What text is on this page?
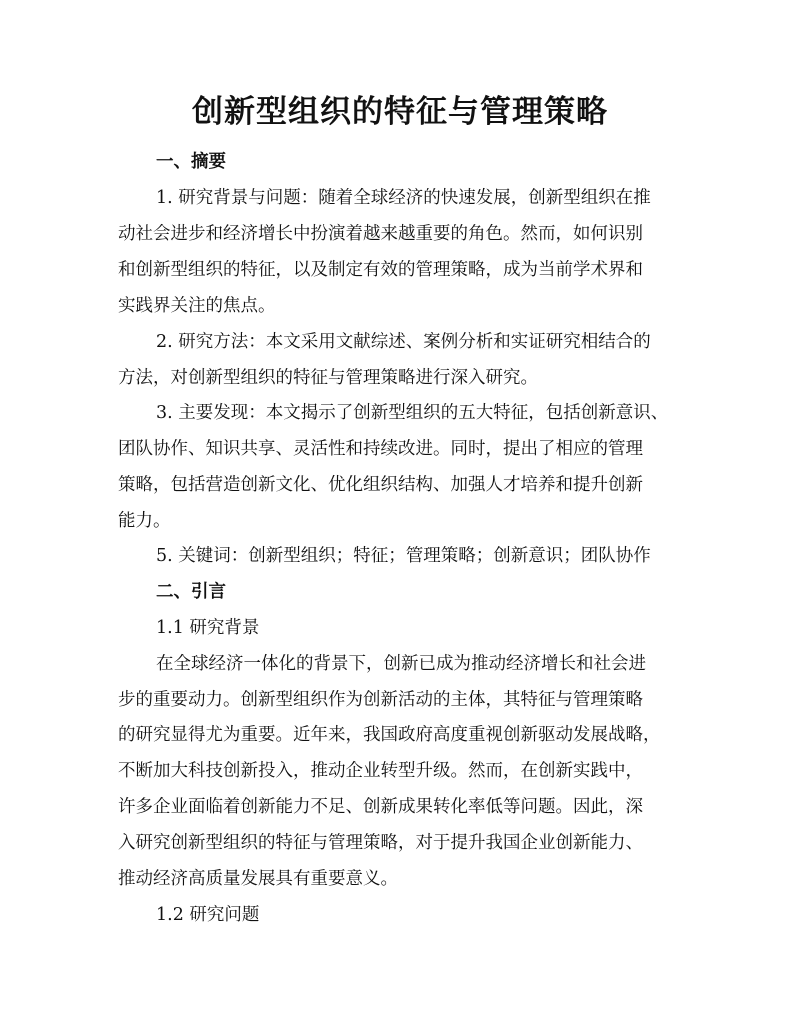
创新型组织的特征与管理策略
一、摘要
1. 研究背景与问题：随着全球经济的快速发展，创新型组织在推
动社会进步和经济增长中扮演着越来越重要的角色。然而，如何识别
和创新型组织的特征，以及制定有效的管理策略，成为当前学术界和
实践界关注的焦点。
2. 研究方法：本文采用文献综述、案例分析和实证研究相结合的
方法，对创新型组织的特征与管理策略进行深入研究。
3. 主要发现：本文揭示了创新型组织的五大特征，包括创新意识、
团队协作、知识共享、灵活性和持续改进。同时，提出了相应的管理
策略，包括营造创新文化、优化组织结构、加强人才培养和提升创新
能力。
5. 关键词：创新型组织；特征；管理策略；创新意识；团队协作
二、引言
1.1 研究背景
在全球经济一体化的背景下，创新已成为推动经济增长和社会进
步的重要动力。创新型组织作为创新活动的主体，其特征与管理策略
的研究显得尤为重要。近年来，我国政府高度重视创新驱动发展战略，
不断加大科技创新投入，推动企业转型升级。然而，在创新实践中，
许多企业面临着创新能力不足、创新成果转化率低等问题。因此，深
入研究创新型组织的特征与管理策略，对于提升我国企业创新能力、
推动经济高质量发展具有重要意义。
1.2 研究问题
